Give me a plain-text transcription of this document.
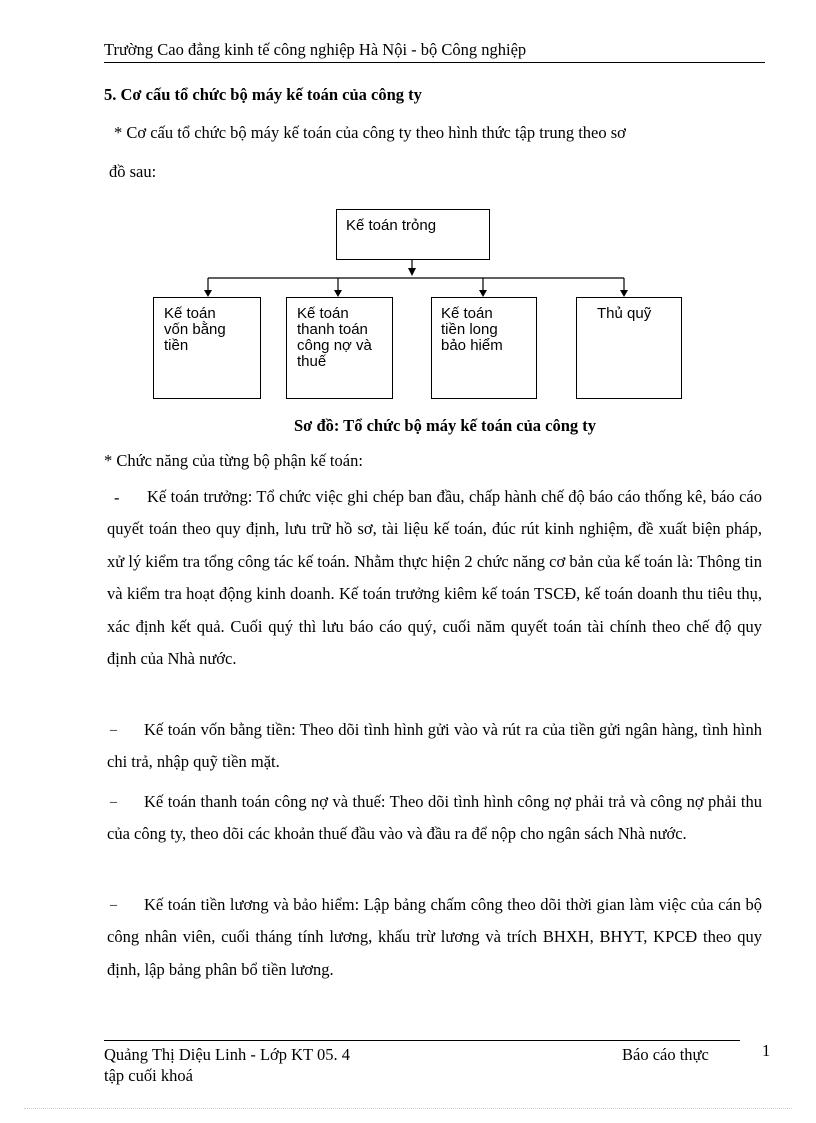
Trường Cao đẳng kinh tế công nghiệp Hà Nội - bộ Công nghiệp
5. Cơ cấu tổ chức bộ máy kế toán của công ty
* Cơ cấu tổ chức bộ máy kế toán của công ty theo hình thức tập trung theo sơ
đồ sau:
Kế toán trỏng
Kế toán
vốn bằng
tiền
Kế toán
thanh toán
công nợ và
thuế
Kế toán
tiền long
bảo hiểm
Thủ quỹ
Sơ đồ: Tổ chức bộ máy kế toán của công ty
* Chức năng của từng bộ phận kế toán:
-	Kế toán trưởng: Tổ chức việc ghi chép ban đầu, chấp hành chế độ báo cáo thống kê, báo cáo quyết toán theo quy định, lưu trữ hồ sơ, tài liệu kế toán, đúc rút kinh nghiệm, đề xuất biện pháp, xử lý kiểm tra tổng công tác kế toán. Nhằm thực hiện 2 chức năng cơ bản của kế toán là: Thông tin và kiểm tra hoạt động kinh doanh. Kế toán trưởng kiêm kế toán TSCĐ, kế toán doanh thu tiêu thụ, xác định kết quả. Cuối quý thì lưu báo cáo quý, cuối năm quyết toán tài chính theo chế độ quy định của Nhà nước.
_	Kế toán vốn bằng tiền: Theo dõi tình hình gửi vào và rút ra của tiền gửi ngân hàng, tình hình chi trả, nhập quỹ tiền mặt.
_	Kế toán thanh toán công nợ và thuế: Theo dõi tình hình công nợ phải trả và công nợ phải thu của công ty, theo dõi các khoản thuế đầu vào và đầu ra để nộp cho ngân sách Nhà nước.
_	Kế toán tiền lương và bảo hiểm: Lập bảng chấm công theo dõi thời gian làm việc của cán bộ công nhân viên, cuối tháng tính lương, khấu trừ lương và trích BHXH, BHYT, KPCĐ theo quy định, lập bảng phân bổ tiền lương.
Quảng Thị Diệu Linh - Lớp KT 05. 4	Báo cáo thực	1
tập cuối khoá
